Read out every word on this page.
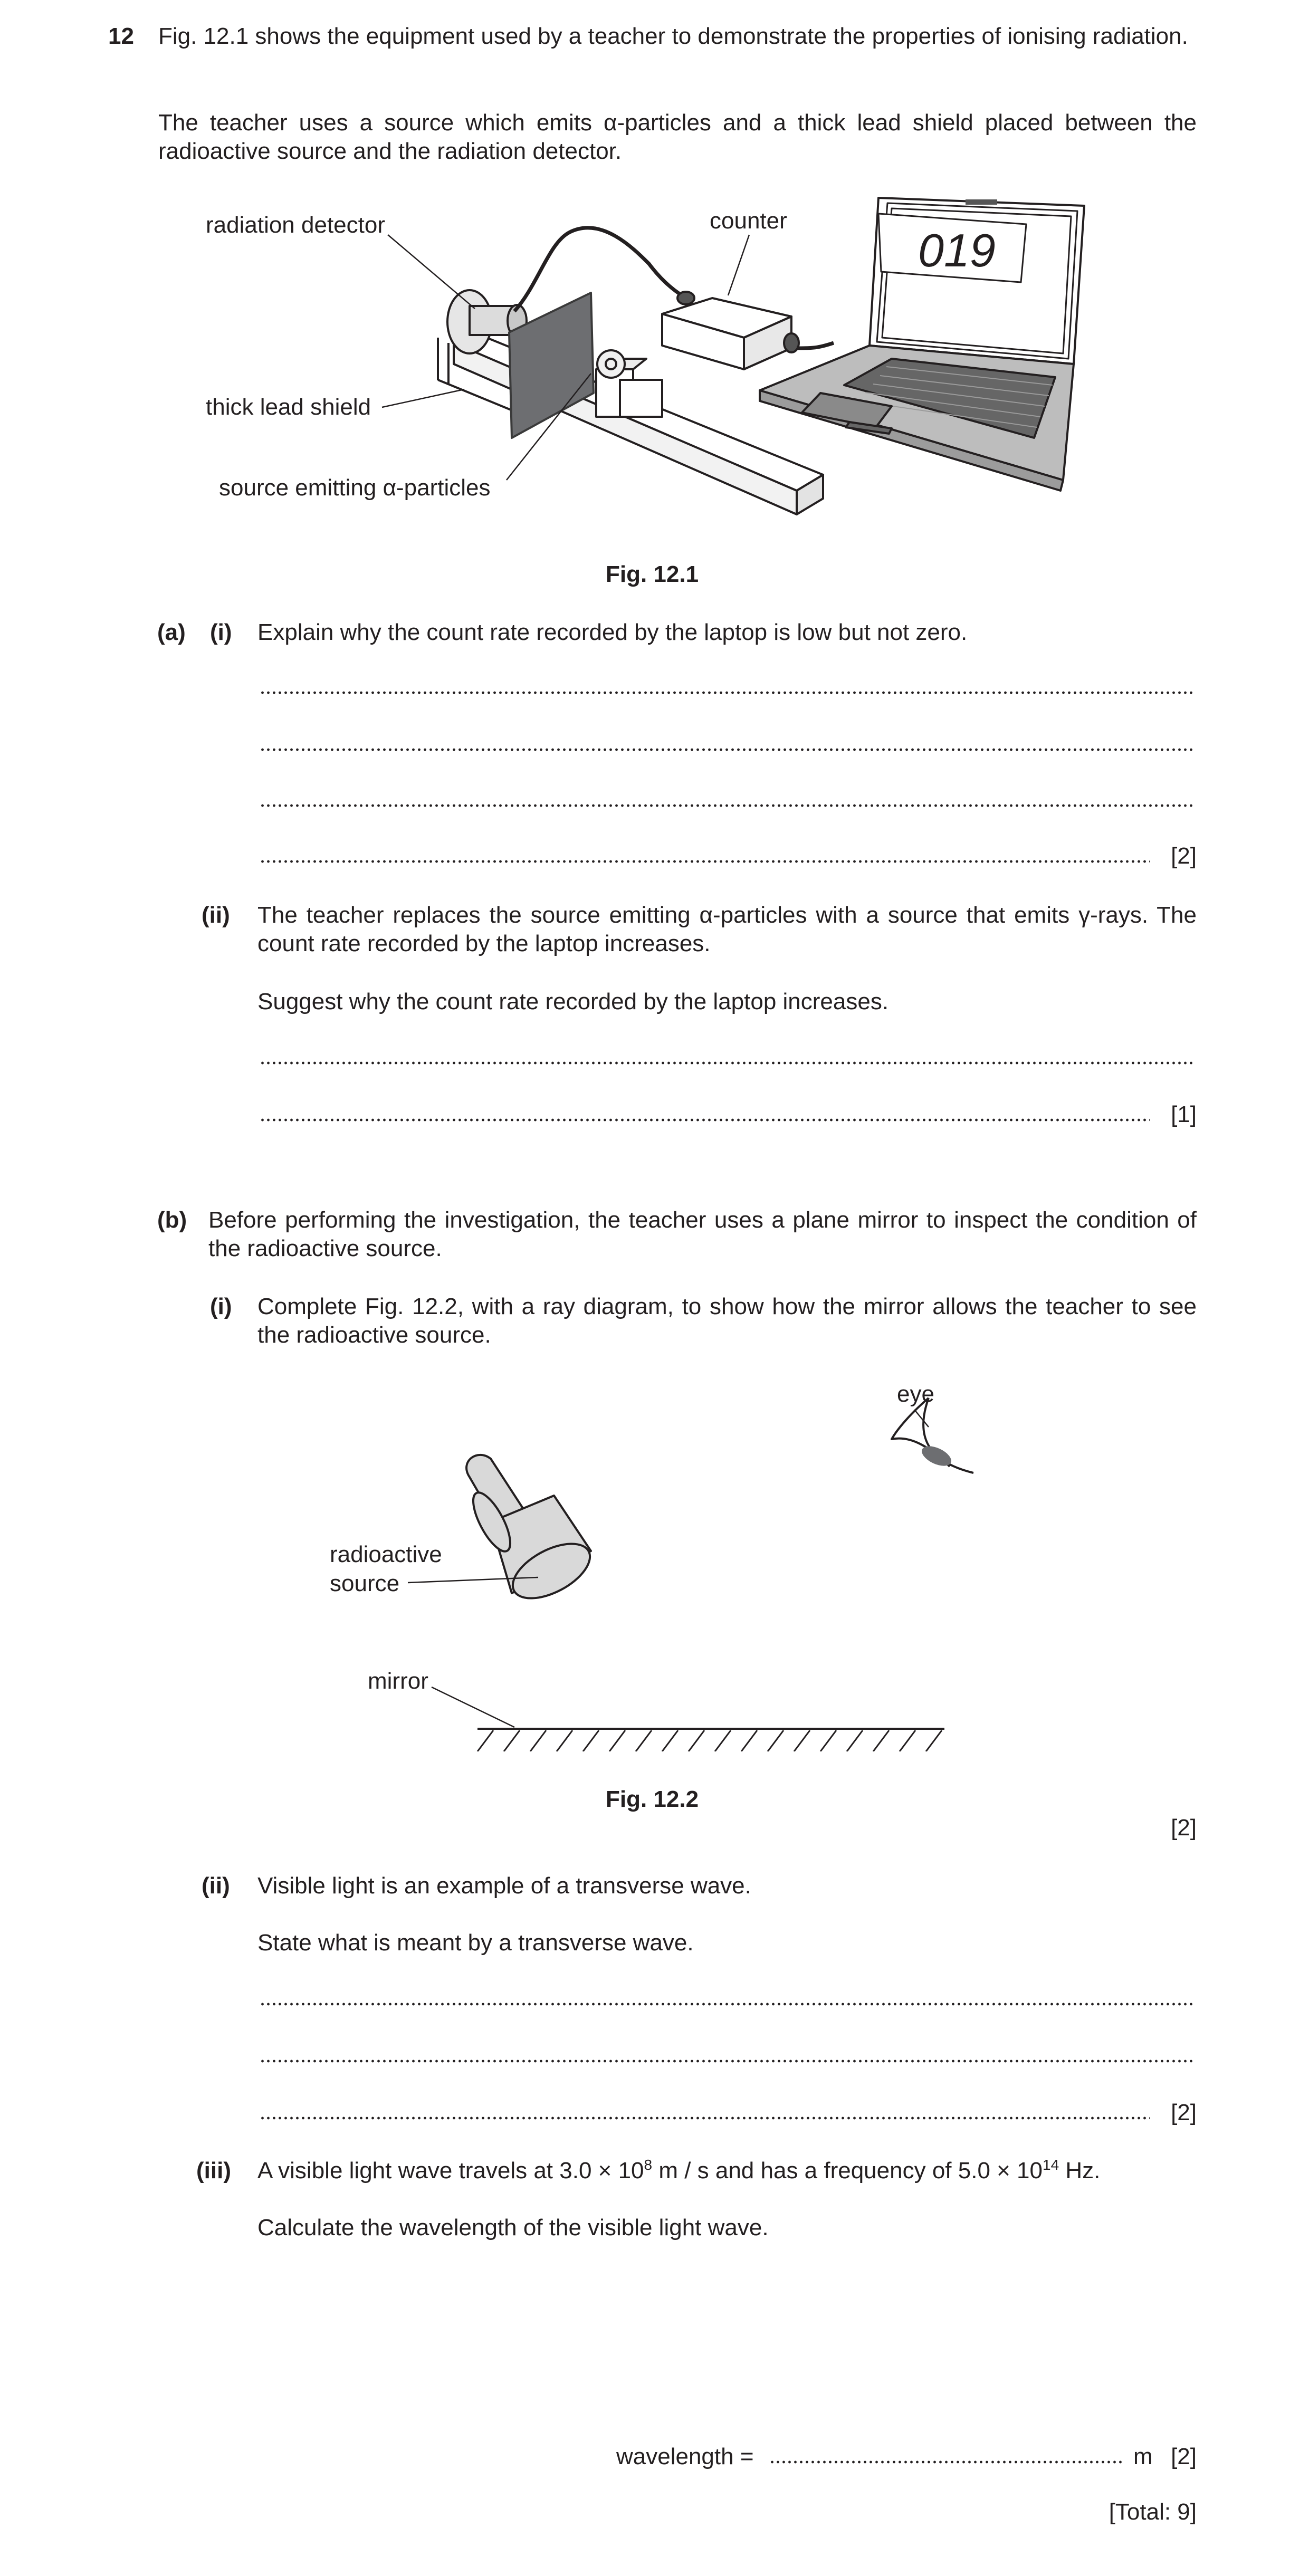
12 Fig. 12.1 shows the equipment used by a teacher to demonstrate the properties of ionising radiation.
The teacher uses a source which emits α-particles and a thick lead shield placed between the radioactive source and the radiation detector.
019
radiation detector	counter
thick lead shield
source emitting α-particles
Fig. 12.1
(a) (i) Explain why the count rate recorded by the laptop is low but not zero.
[2]
(ii) The teacher replaces the source emitting α-particles with a source that emits γ-rays. The count rate recorded by the laptop increases.
Suggest why the count rate recorded by the laptop increases.
[1]
(b) Before performing the investigation, the teacher uses a plane mirror to inspect the condition of the radioactive source.
(i) Complete Fig. 12.2, with a ray diagram, to show how the mirror allows the teacher to see the radioactive source.
eye
radioactive
source
mirror
Fig. 12.2
[2]
(ii) Visible light is an example of a transverse wave.
State what is meant by a transverse wave.
[2]
(iii) A visible light wave travels at $3.0 \times 10^8$ m / s and has a frequency of $5.0 \times 10^{14}$ Hz.
Calculate the wavelength of the visible light wave.
wavelength =	m [2]
[Total: 9]
